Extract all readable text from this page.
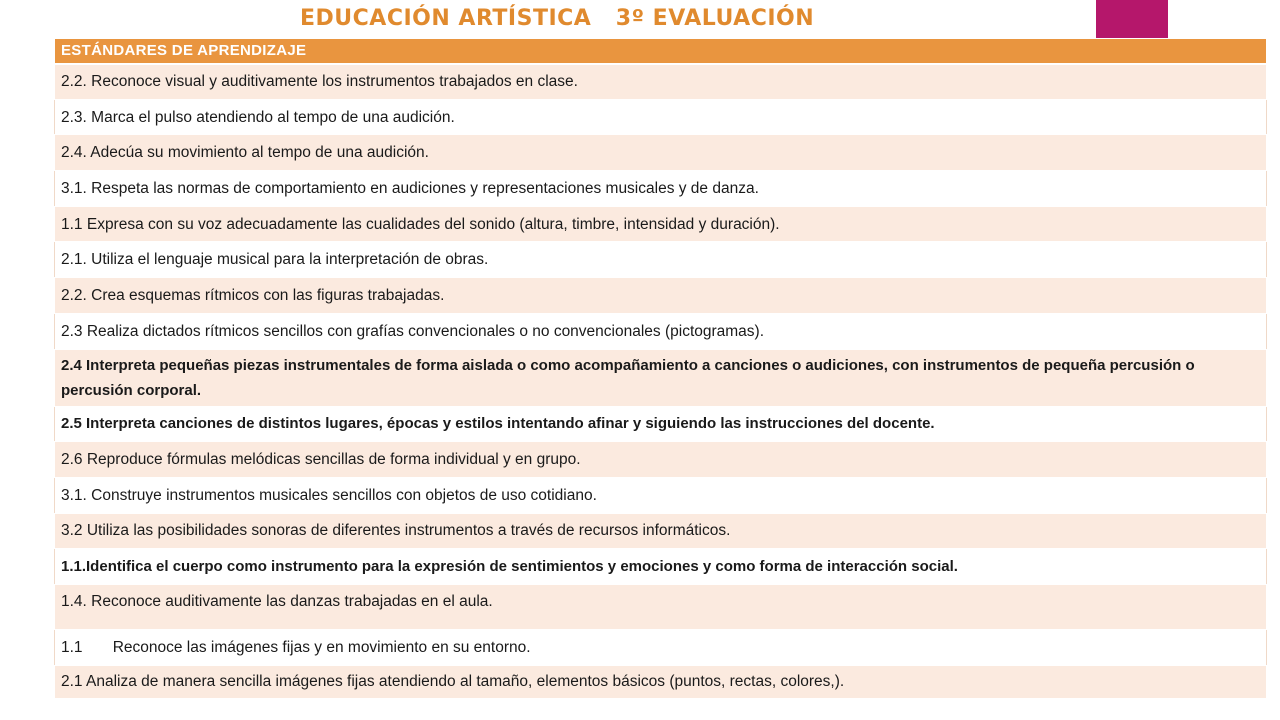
EDUCACIÓN ARTÍSTICA   3º EVALUACIÓN
ESTÁNDARES DE APRENDIZAJE
2.2. Reconoce visual y auditivamente los instrumentos trabajados en clase.
2.3. Marca el pulso atendiendo al tempo de una audición.
2.4. Adecúa su movimiento al tempo de una audición.
3.1. Respeta las normas de comportamiento en audiciones y representaciones musicales y de danza.
1.1 Expresa con su voz adecuadamente las cualidades del sonido (altura, timbre, intensidad y duración).
2.1. Utiliza el lenguaje musical para la interpretación de obras.
2.2. Crea esquemas rítmicos con las figuras trabajadas.
2.3 Realiza dictados rítmicos sencillos con grafías convencionales o no convencionales (pictogramas).
2.4 Interpreta pequeñas piezas instrumentales de forma aislada o como acompañamiento a canciones o audiciones, con instrumentos de pequeña percusión o percusión corporal.
2.5 Interpreta canciones de distintos lugares, épocas y estilos intentando afinar y siguiendo las instrucciones del docente.
2.6 Reproduce fórmulas melódicas sencillas de forma individual y en grupo.
3.1. Construye instrumentos musicales sencillos con objetos de uso cotidiano.
3.2 Utiliza las posibilidades sonoras de diferentes instrumentos a través de recursos informáticos.
1.1.Identifica el cuerpo como instrumento para la expresión de sentimientos y emociones y como forma de interacción social.
1.4. Reconoce auditivamente las danzas trabajadas en el aula.
1.1       Reconoce las imágenes fijas y en movimiento en su entorno.
2.1 Analiza de manera sencilla imágenes fijas atendiendo al tamaño, elementos básicos (puntos, rectas, colores,).
